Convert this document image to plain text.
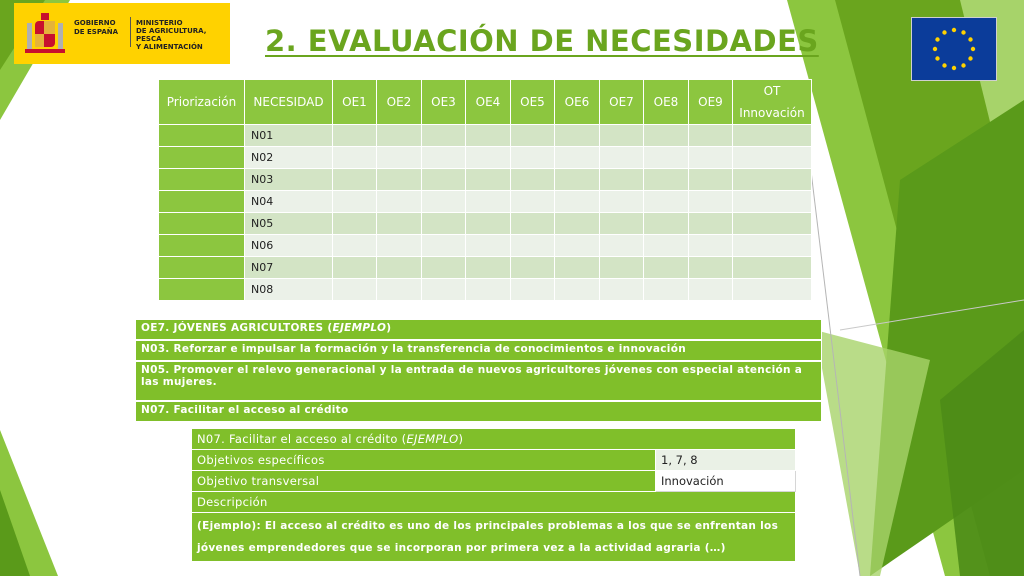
GOBIERNO
DE ESPAÑA
MINISTERIO
DE AGRICULTURA, PESCA
Y ALIMENTACIÓN	2. EVALUACIÓN DE NECESIDADES
Priorización	NECESIDAD	OE1	OE2	OE3	OE4	OE5	OE6	OE7	OE8	OE9	OT
Innovación

	N01										
	N02										
	N03										
	N04										
	N05										
	N06										
	N07										
	N08										
OE7. JÓVENES AGRICULTORES (EJEMPLO)
N03. Reforzar e impulsar la formación y la transferencia de conocimientos e innovación
N05. Promover el relevo generacional y la entrada de nuevos agricultores jóvenes con especial atención a las mujeres.
N07. Facilitar el acceso al crédito
N07. Facilitar el acceso al crédito (EJEMPLO)	
Objetivos específicos	1, 7, 8
Objetivo transversal	Innovación
Descripción	
(Ejemplo): El acceso al crédito es uno de los principales problemas a los que se enfrentan los jóvenes emprendedores que se incorporan por primera vez a la actividad agraria (…)	
